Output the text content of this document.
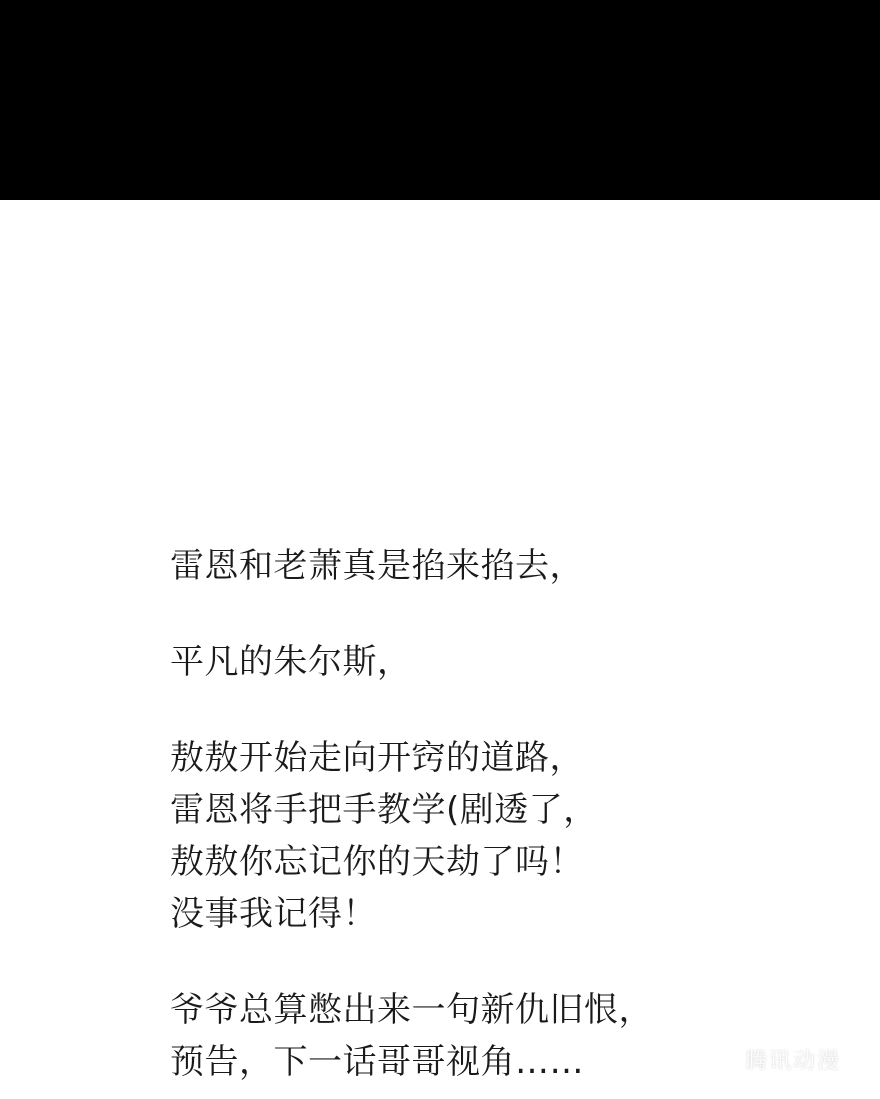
雷恩和老萧真是掐来掐去，
平凡的朱尔斯，
敖敖开始走向开窍的道路，
雷恩将手把手教学(剧透了，
敖敖你忘记你的天劫了吗！
没事我记得！
爷爷总算憋出来一句新仇旧恨，
预告，下一话哥哥视角……	腾讯动漫
